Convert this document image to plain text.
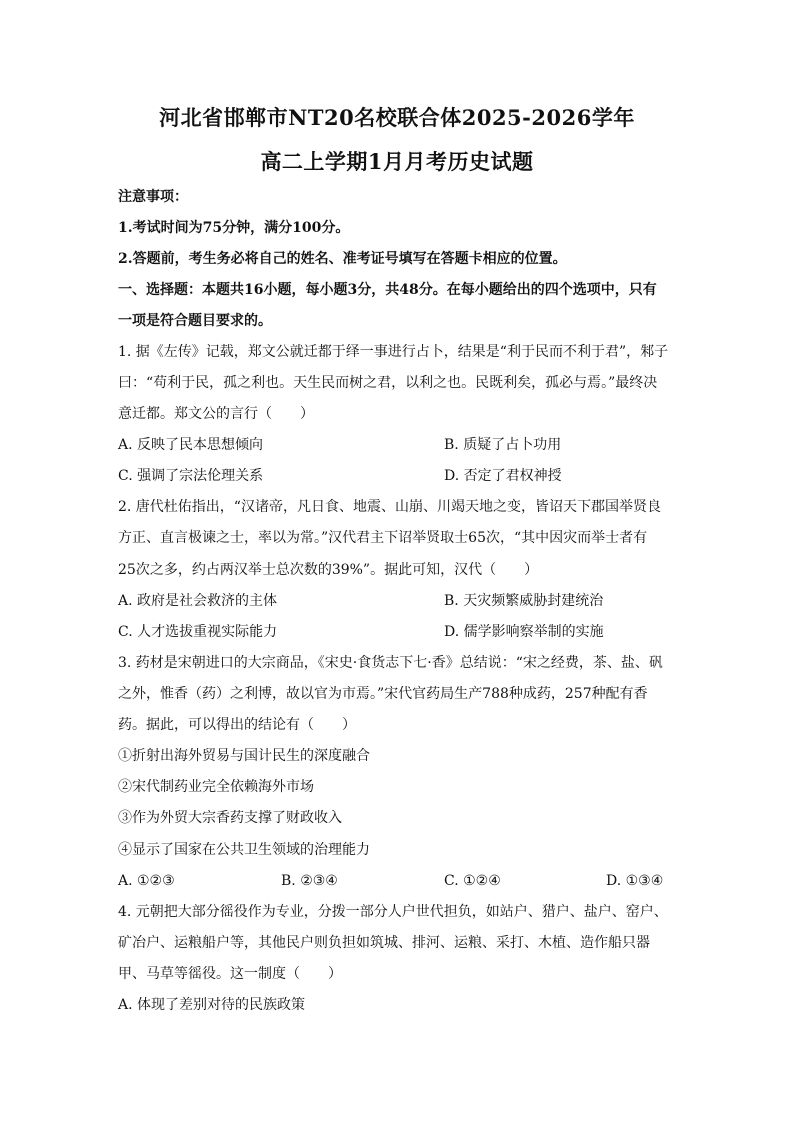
河北省邯郸市NT20名校联合体2025-2026学年
高二上学期1月月考历史试题
注意事项：
1.考试时间为75分钟，满分100分。
2.答题前，考生务必将自己的姓名、准考证号填写在答题卡相应的位置。
一、选择题：本题共16小题，每小题3分，共48分。在每小题给出的四个选项中，只有
一项是符合题目要求的。
1. 据《左传》记载，郑文公就迁都于绎一事进行占卜，结果是“利于民而不利于君”，邾子
曰：“苟利于民，孤之利也。天生民而树之君，以利之也。民既利矣，孤必与焉。”最终决
意迁都。郑文公的言行（　　）
A. 反映了民本思想倾向	B. 质疑了占卜功用
C. 强调了宗法伦理关系	D. 否定了君权神授
2. 唐代杜佑指出，“汉诸帝，凡日食、地震、山崩、川竭天地之变，皆诏天下郡国举贤良
方正、直言极谏之士，率以为常。”汉代君主下诏举贤取士65次，“其中因灾而举士者有
25次之多，约占两汉举士总次数的39%”。据此可知，汉代（　　）
A. 政府是社会救济的主体	B. 天灾频繁威胁封建统治
C. 人才选拔重视实际能力	D. 儒学影响察举制的实施
3. 药材是宋朝进口的大宗商品，《宋史·食货志下七·香》总结说：“宋之经费，茶、盐、矾
之外，惟香（药）之利博，故以官为市焉。”宋代官药局生产788种成药，257种配有香
药。据此，可以得出的结论有（　　）
①折射出海外贸易与国计民生的深度融合
②宋代制药业完全依赖海外市场
③作为外贸大宗香药支撑了财政收入
④显示了国家在公共卫生领域的治理能力
A. ①②③	B. ②③④	C. ①②④	D. ①③④
4. 元朝把大部分徭役作为专业，分拨一部分人户世代担负，如站户、猎户、盐户、窑户、
矿冶户、运粮船户等，其他民户则负担如筑城、排河、运粮、采打、木植、造作船只器
甲、马草等徭役。这一制度（　　）
A. 体现了差别对待的民族政策
